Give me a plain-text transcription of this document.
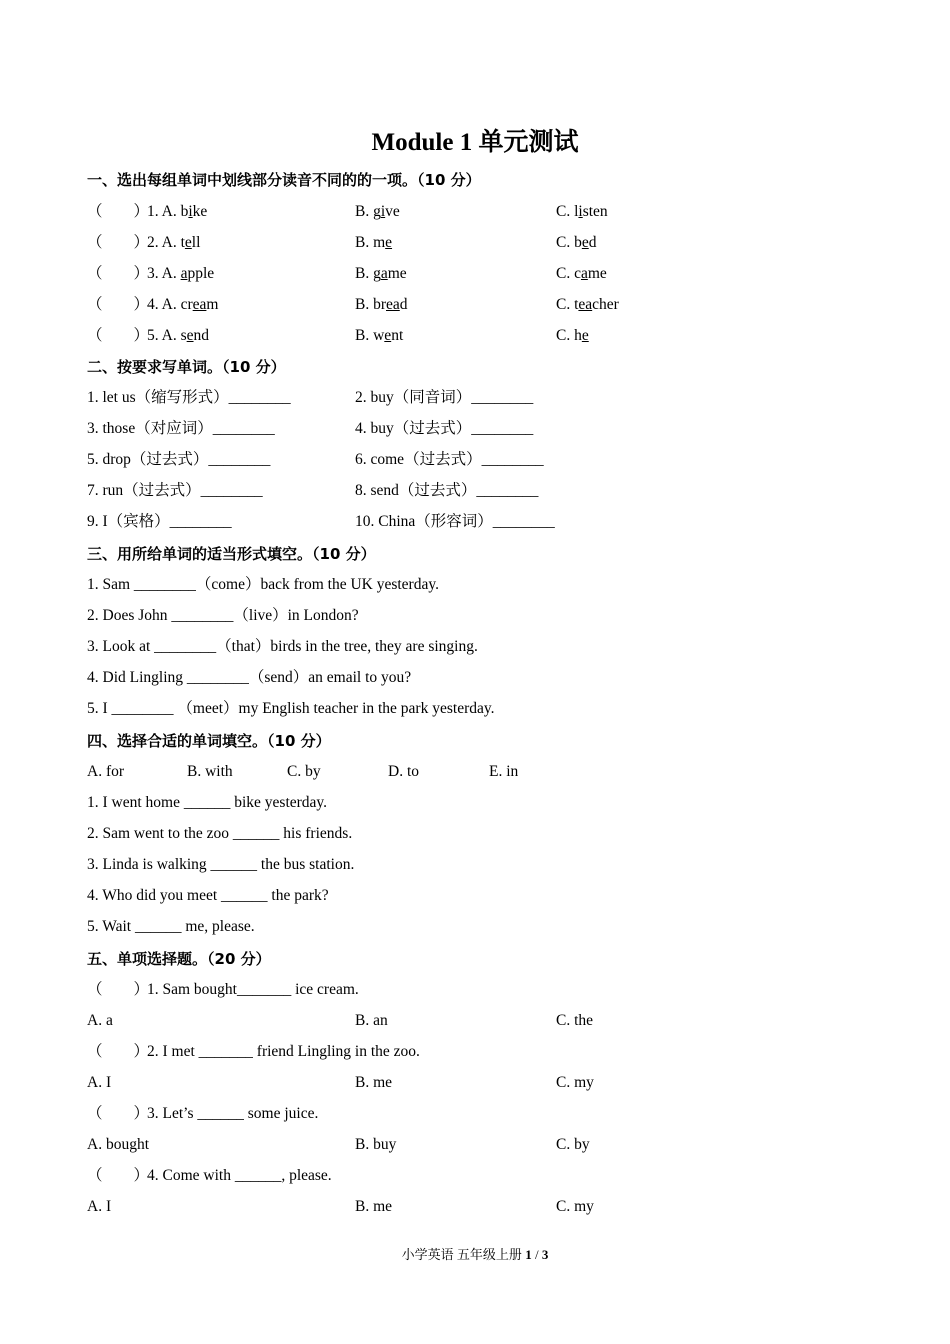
Module 1 单元测试
一、选出每组单词中划线部分读音不同的的一项。（10 分）
（　　）1. A. bike	B. give	C. listen
（　　）2. A. tell	B. me	C. bed
（　　）3. A. apple	B. game	C. came
（　　）4. A. cream	B. bread	C. teacher
（　　）5. A. send	B. went	C. he
二、按要求写单词。（10 分）
1. let us（缩写形式）________	2. buy（同音词）________
3. those（对应词）________	4. buy（过去式）________
5. drop（过去式）________	6. come（过去式）________
7. run（过去式）________	8. send（过去式）________
9. I（宾格）________	10. China（形容词）________
三、用所给单词的适当形式填空。（10 分）
1. Sam ________（come）back from the UK yesterday.
2. Does John ________（live）in London?
3. Look at ________（that）birds in the tree, they are singing.
4. Did Lingling ________（send）an email to you?
5. I ________ （meet）my English teacher in the park yesterday.
四、选择合适的单词填空。（10 分）
A. for	B. with	C. by	D. to	E. in
1. I went home ______ bike yesterday.
2. Sam went to the zoo ______ his friends.
3. Linda is walking ______ the bus station.
4. Who did you meet ______ the park?
5. Wait ______ me, please.
五、单项选择题。（20 分）
（　　）1. Sam bought_______ ice cream.
A. a	B. an	C. the
（　　）2. I met _______ friend Lingling in the zoo.
A. I	B. me	C. my
（　　）3. Let’s ______ some juice.
A. bought	B. buy	C. by
（　　）4. Come with ______, please.
A. I	B. me	C. my
小学英语 五年级上册 1 / 3
